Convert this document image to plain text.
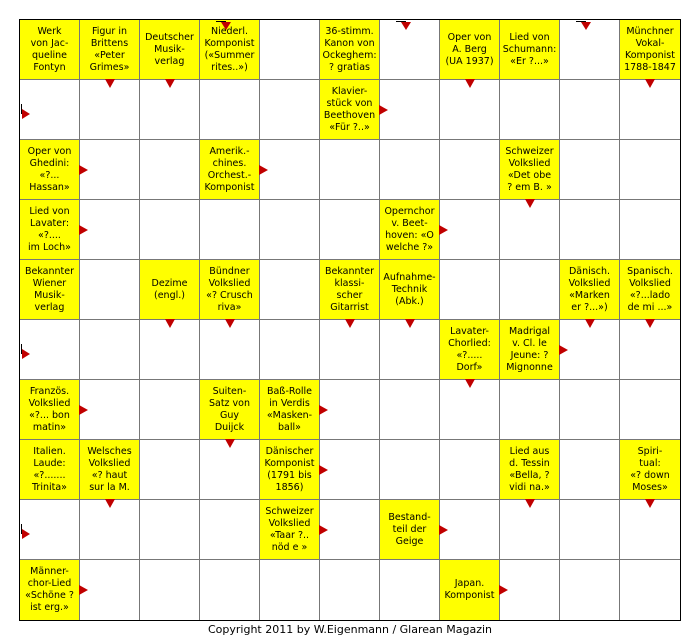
Werk
von Jac-
queline
Fontyn
Figur in
Brittens
«Peter
Grimes»
Deutscher
Musik-
verlag
Niederl.
Komponist
(«Summer
rites..»)
36-stimm.
Kanon von
Ockeghem:
? gratias
Oper von
A. Berg
(UA 1937)
Lied von
Schumann:
«Er ?...»
Münchner
Vokal-
Komponist
1788-1847
Klavier-
stück von
Beethoven
«Für ?..»
Oper von
Ghedini:
«?...
Hassan»
Amerik.-
chines.
Orchest.-
Komponist
Schweizer
Volkslied
«Det obe
? em B. »
Lied von
Lavater:
«?....
im Loch»
Opernchor
v. Beet-
hoven: «O
welche ?»
Bekannter
Wiener
Musik-
verlag
Dezime
(engl.)
Bündner
Volkslied
«? Crusch
riva»
Bekannter
klassi-
scher
Gitarrist
Aufnahme-
Technik
(Abk.)
Dänisch.
Volkslied
«Marken
er ?...»)
Spanisch.
Volkslied
«?...lado
de mi ...»
Lavater-
Chorlied:
«?.....
Dorf»
Madrigal
v. Cl. le
Jeune: ?
Mignonne
Französ.
Volkslied
«?... bon
matin»
Suiten-
Satz von
Guy
Duijck
Baß-Rolle
in Verdis
«Masken-
ball»
Italien.
Laude:
«?.......
Trinita»
Welsches
Volkslied
«? haut
sur la M.
Dänischer
Komponist
(1791 bis
1856)
Lied aus
d. Tessin
«Bella, ?
vidi na.»
Spiri-
tual:
«? down
Moses»
Schweizer
Volkslied
«Taar ?..
nöd e »
Bestand-
teil der
Geige
Männer-
chor-Lied
«Schöne ?
ist erg.»
Japan.
Komponist
Copyright 2011 by W.Eigenmann / Glarean Magazin
